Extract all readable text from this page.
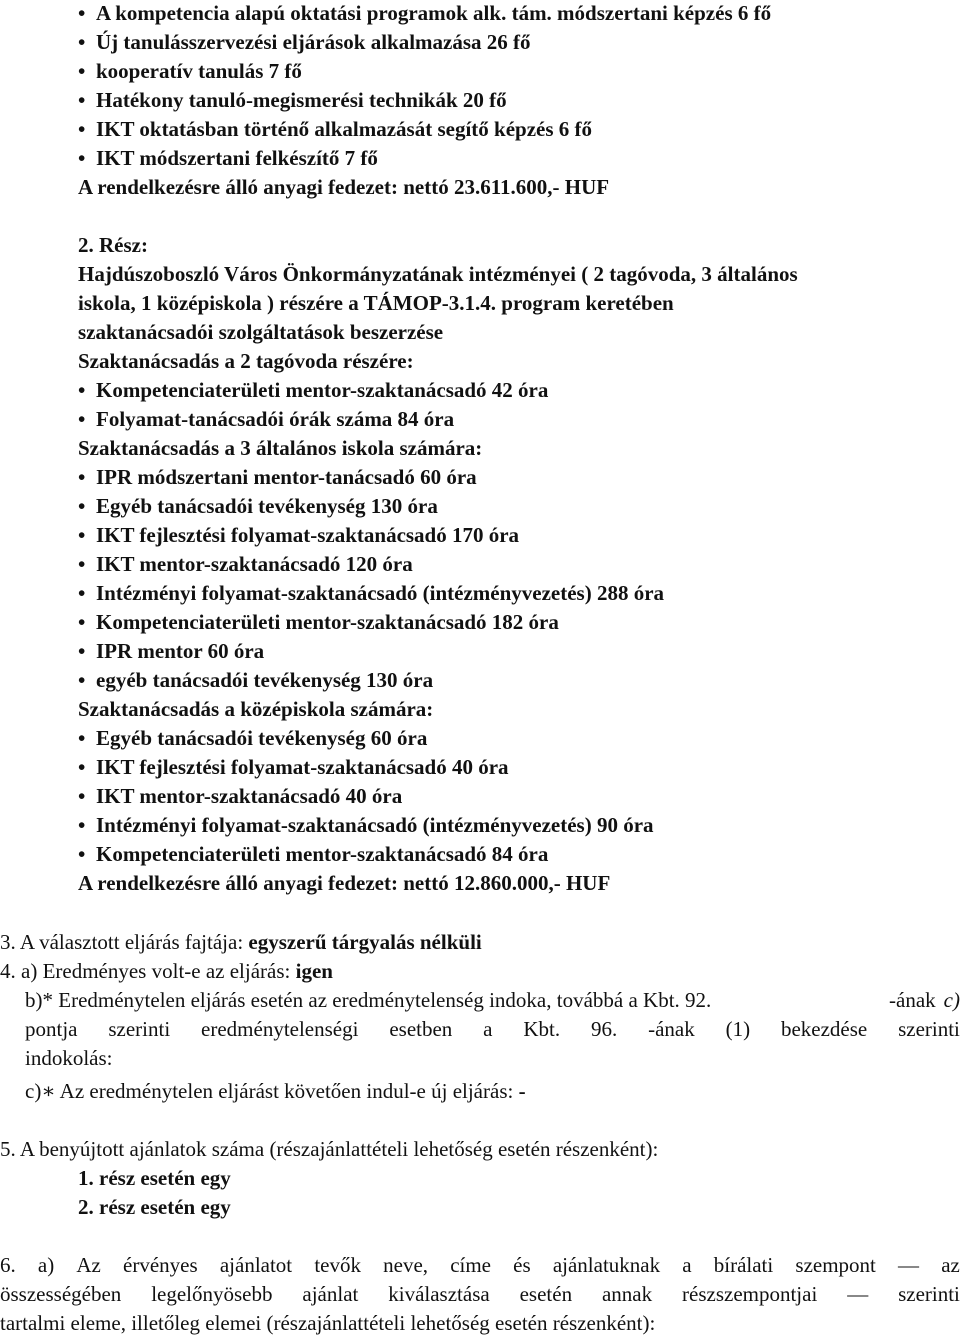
• A kompetencia alapú oktatási programok alk. tám. módszertani képzés 6 fő
• Új tanulásszervezési eljárások alkalmazása 26 fő
• kooperatív tanulás 7 fő
• Hatékony tanuló-megismerési technikák 20 fő
• IKT oktatásban történő alkalmazását segítő képzés 6 fő
• IKT módszertani felkészítő 7 fő
A rendelkezésre álló anyagi fedezet: nettó 23.611.600,- HUF
2. Rész:
Hajdúszoboszló Város Önkormányzatának intézményei ( 2 tagóvoda, 3 általános
iskola, 1 középiskola ) részére a TÁMOP-3.1.4. program keretében
szaktanácsadói szolgáltatások beszerzése
Szaktanácsadás a 2 tagóvoda részére:
• Kompetenciaterületi mentor-szaktanácsadó 42 óra
• Folyamat-tanácsadói órák száma 84 óra
Szaktanácsadás a 3 általános iskola számára:
• IPR módszertani mentor-tanácsadó 60 óra
• Egyéb tanácsadói tevékenység 130 óra
• IKT fejlesztési folyamat-szaktanácsadó 170 óra
• IKT mentor-szaktanácsadó 120 óra
• Intézményi folyamat-szaktanácsadó (intézményvezetés) 288 óra
• Kompetenciaterületi mentor-szaktanácsadó 182 óra
• IPR mentor 60 óra
• egyéb tanácsadói tevékenység 130 óra
Szaktanácsadás a középiskola számára:
• Egyéb tanácsadói tevékenység 60 óra
• IKT fejlesztési folyamat-szaktanácsadó 40 óra
• IKT mentor-szaktanácsadó 40 óra
• Intézményi folyamat-szaktanácsadó (intézményvezetés) 90 óra
• Kompetenciaterületi mentor-szaktanácsadó 84 óra
A rendelkezésre álló anyagi fedezet: nettó 12.860.000,- HUF
3. A választott eljárás fajtája: egyszerű tárgyalás nélküli
4. a) Eredményes volt-e az eljárás: igen
b)* Eredménytelen eljárás esetén az eredménytelenség indoka, továbbá a Kbt. 92.	-ának c)
pontja szerinti eredménytelenségi esetben a Kbt. 96. -ának (1) bekezdése szerinti
indokolás:
c)∗ Az eredménytelen eljárást követően indul-e új eljárás: -
5. A benyújtott ajánlatok száma (részajánlattételi lehetőség esetén részenként):
1. rész esetén egy
2. rész esetén egy
6. a) Az érvényes ajánlatot tevők neve, címe és ajánlatuknak a bírálati szempont — az
összességében legelőnyösebb ajánlat kiválasztása esetén annak részszempontjai — szerinti
tartalmi eleme, illetőleg elemei (részajánlattételi lehetőség esetén részenként):
